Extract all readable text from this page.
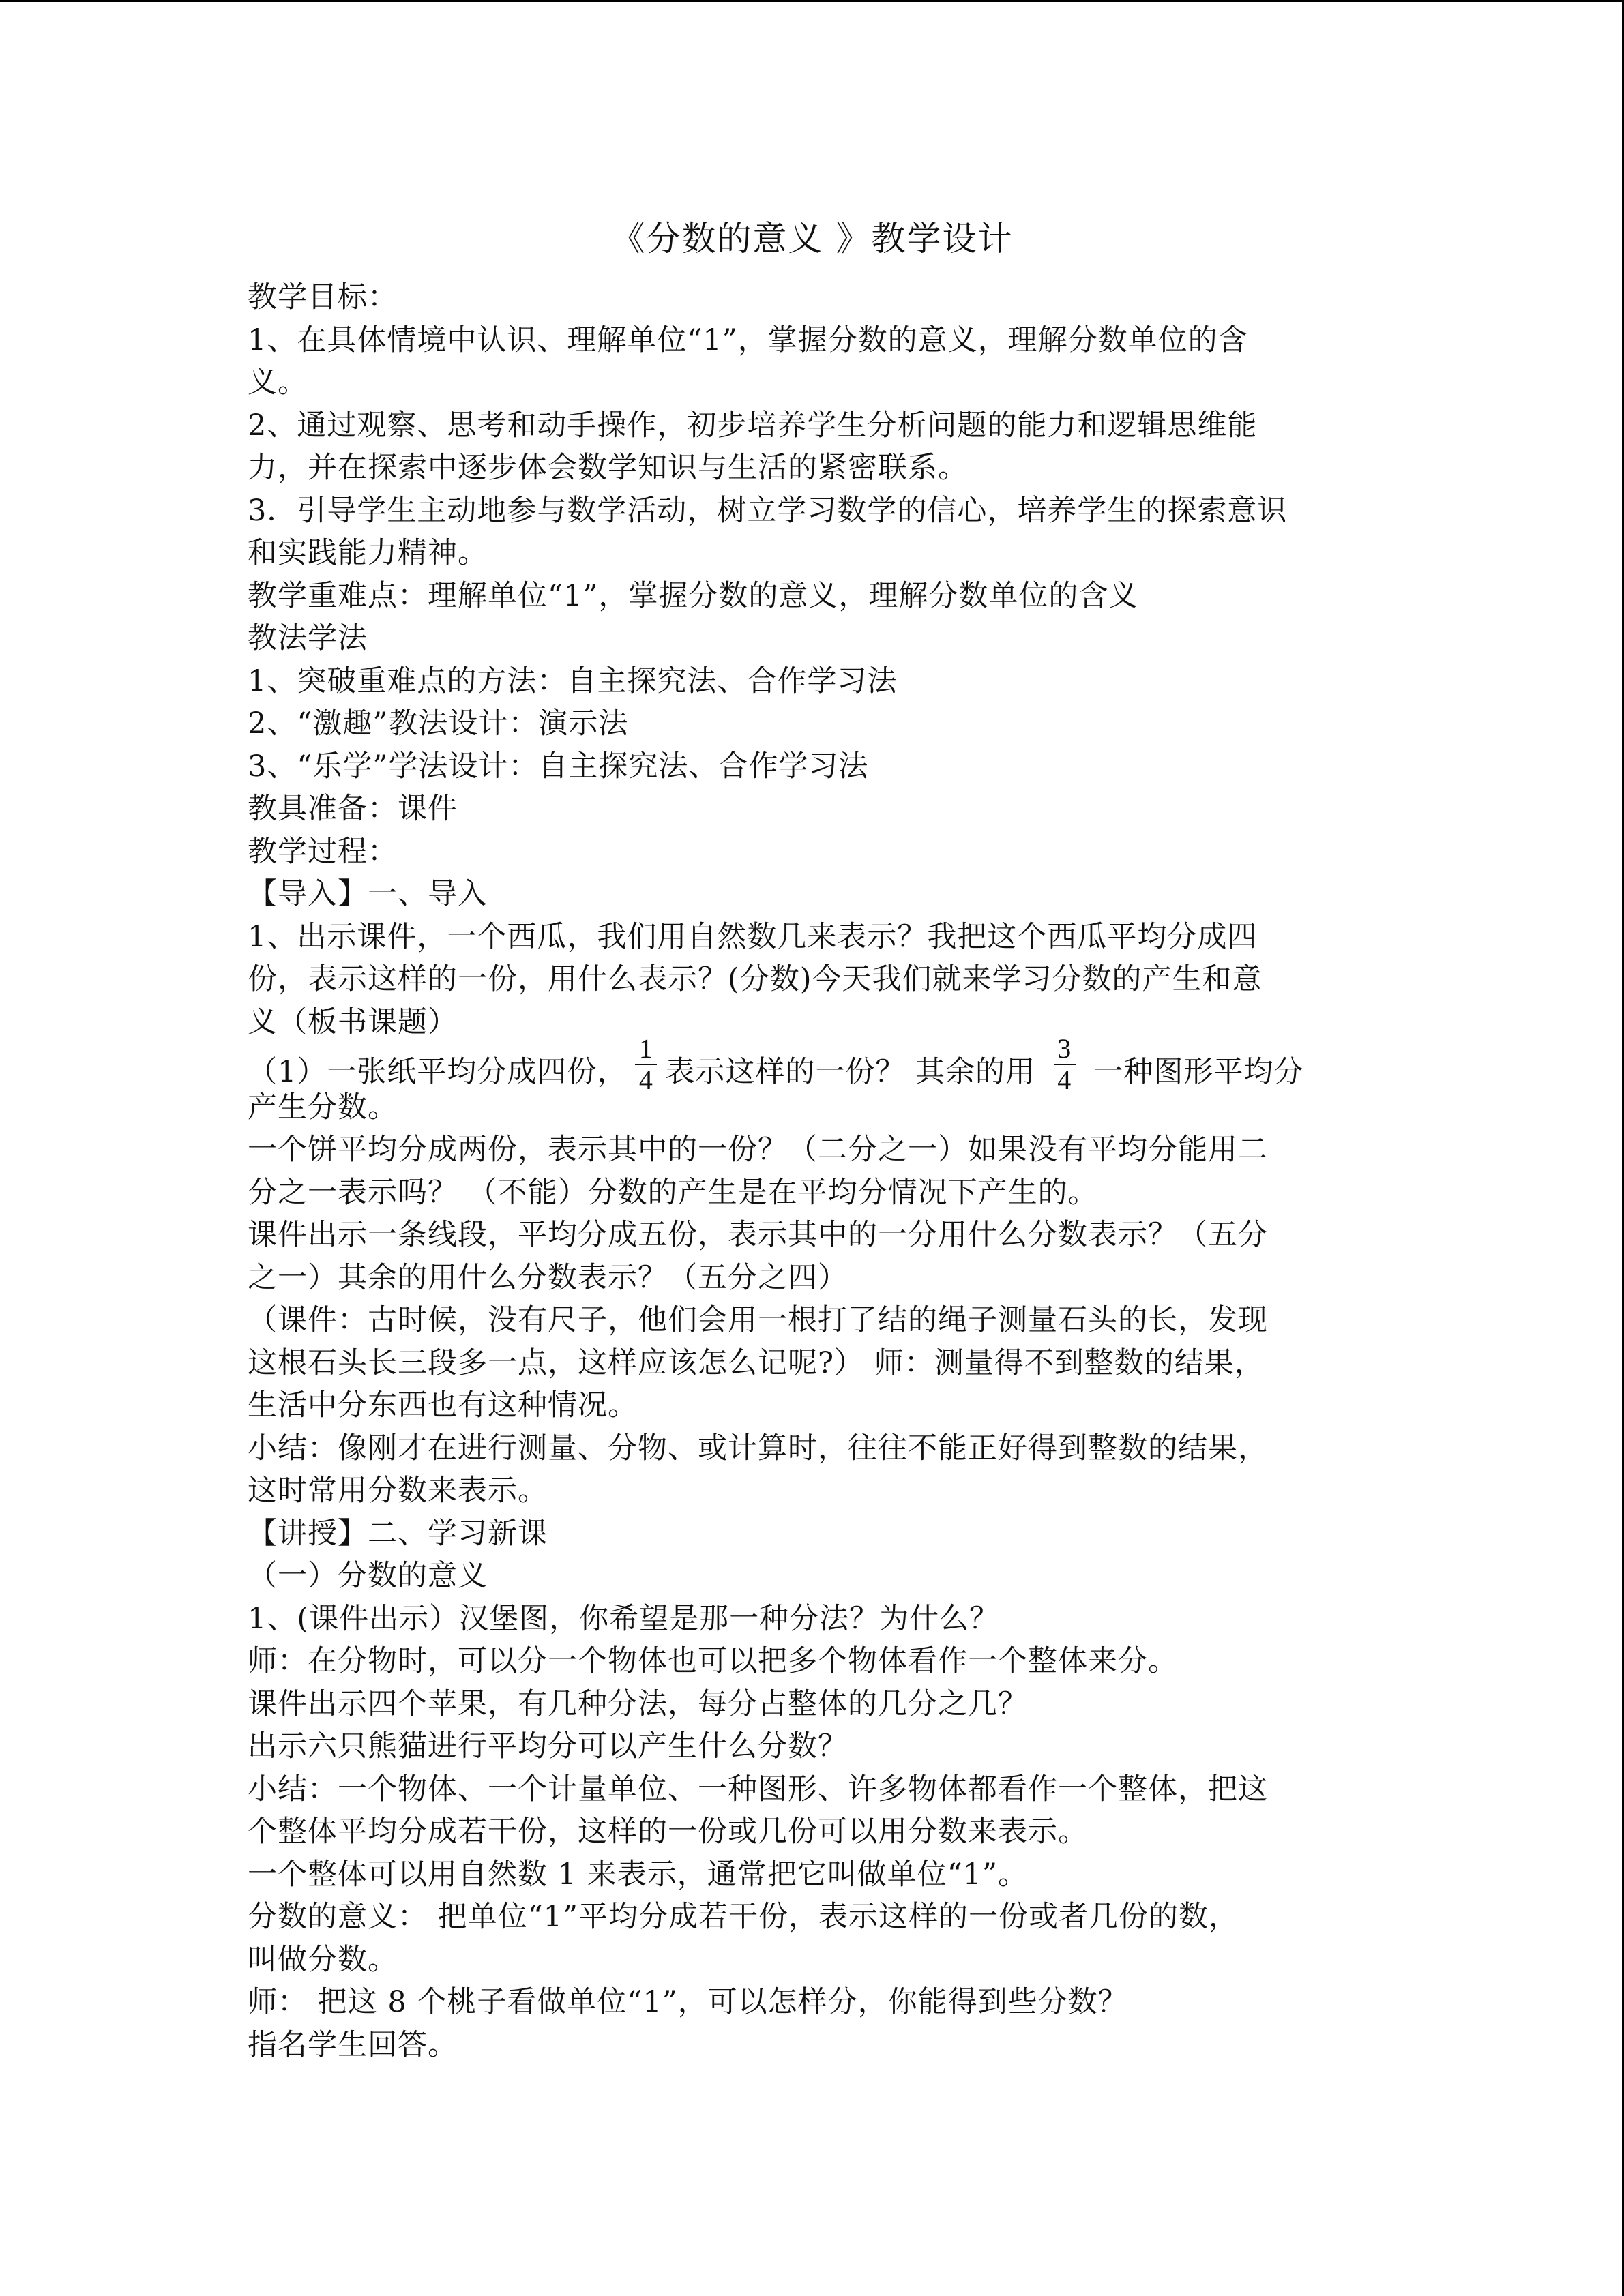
《分数的意义 》教学设计
教学目标：
1、在具体情境中认识、理解单位“1”，掌握分数的意义，理解分数单位的含
义。
2、通过观察、思考和动手操作，初步培养学生分析问题的能力和逻辑思维能
力，并在探索中逐步体会数学知识与生活的紧密联系。
3．引导学生主动地参与数学活动，树立学习数学的信心，培养学生的探索意识
和实践能力精神。
教学重难点：理解单位“1”，掌握分数的意义，理解分数单位的含义
教法学法
1、突破重难点的方法：自主探究法、合作学习法
2、“激趣”教法设计：演示法
3、“乐学”学法设计：自主探究法、合作学习法
教具准备：课件
教学过程：
【导入】一、导入
1、出示课件，一个西瓜，我们用自然数几来表示？我把这个西瓜平均分成四
份，表示这样的一份，用什么表示？(分数)今天我们就来学习分数的产生和意
义（板书课题）
（1）一张纸平均分成四份， $\frac{1}{4}$ 表示这样的一份？ 其余的用 $\frac{3}{4}$ 一种图形平均分
产生分数。
一个饼平均分成两份，表示其中的一份？（二分之一）如果没有平均分能用二
分之一表示吗？ （不能）分数的产生是在平均分情况下产生的。
课件出示一条线段，平均分成五份，表示其中的一分用什么分数表示？（五分
之一）其余的用什么分数表示？（五分之四）
（课件：古时候，没有尺子，他们会用一根打了结的绳子测量石头的长，发现
这根石头长三段多一点，这样应该怎么记呢?） 师：测量得不到整数的结果，
生活中分东西也有这种情况。
小结：像刚才在进行测量、分物、或计算时，往往不能正好得到整数的结果，
这时常用分数来表示。
【讲授】二、学习新课
（一）分数的意义
1、(课件出示）汉堡图，你希望是那一种分法？为什么？
师：在分物时，可以分一个物体也可以把多个物体看作一个整体来分。
课件出示四个苹果，有几种分法，每分占整体的几分之几？
出示六只熊猫进行平均分可以产生什么分数？
小结：一个物体、一个计量单位、一种图形、许多物体都看作一个整体，把这
个整体平均分成若干份，这样的一份或几份可以用分数来表示。
一个整体可以用自然数 1 来表示，通常把它叫做单位“1”。
分数的意义： 把单位“1”平均分成若干份，表示这样的一份或者几份的数，
叫做分数。
师： 把这 8 个桃子看做单位“1”，可以怎样分，你能得到些分数？
指名学生回答。
